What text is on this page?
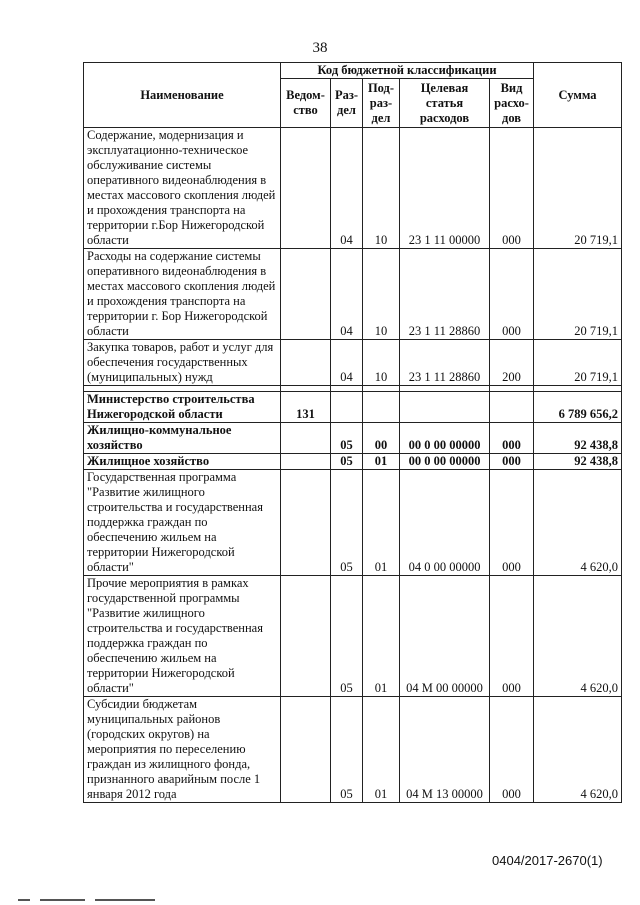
38
Наименование	Код бюджетной классификации					Сумма
	Ведом-ство	Раз-дел	Под-раз-дел	Целевая статья расходов	Вид расхо-дов	
Содержание, модернизация и эксплуатационно-техническое обслуживание системы оперативного видеонаблюдения в местах массового скопления людей и прохождения транспорта на территории г.Бор Нижегородской области		04	10	23 1 11 00000	000	20 719,1
Расходы на содержание системы оперативного видеонаблюдения в местах массового скопления людей и прохождения транспорта на территории г. Бор Нижегородской области		04	10	23 1 11 28860	000	20 719,1
Закупка товаров, работ и услуг для обеспечения государственных (муниципальных) нужд		04	10	23 1 11 28860	200	20 719,1

Министерство строительства Нижегородской области	131					6 789 656,2
Жилищно-коммунальное хозяйство		05	00	00 0 00 00000	000	92 438,8
Жилищное хозяйство		05	01	00 0 00 00000	000	92 438,8
Государственная программа "Развитие жилищного строительства и государственная поддержка граждан по обеспечению жильем на территории Нижегородской области"		05	01	04 0 00 00000	000	4 620,0
Прочие мероприятия в рамках государственной программы "Развитие жилищного строительства и государственная поддержка граждан по обеспечению жильем на территории Нижегородской области"		05	01	04 М 00 00000	000	4 620,0
Субсидии бюджетам муниципальных районов (городских округов) на мероприятия по переселению граждан из жилищного фонда, признанного аварийным после 1 января 2012 года		05	01	04 М 13 00000	000	4 620,0
0404/2017-2670(1)
